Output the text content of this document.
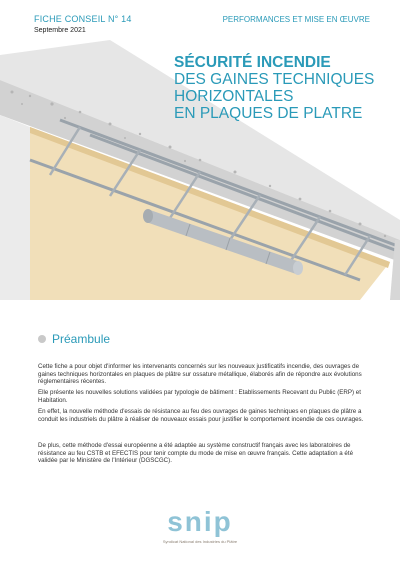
FICHE CONSEIL N° 14
Septembre 2021
PERFORMANCES ET MISE EN ŒUVRE
SÉCURITÉ INCENDIE
DES GAINES TECHNIQUES
HORIZONTALES
EN PLAQUES DE PLATRE
Préambule

Cette fiche a pour objet d'informer les intervenants concernés sur les nouveaux justificatifs incendie, des ouvrages de gaines techniques horizontales en plaques de plâtre sur ossature métallique, élaborés afin de répondre aux évolutions réglementaires récentes.

Elle présente les nouvelles solutions validées par typologie de bâtiment : Etablissements Recevant du Public (ERP) et Habitation.

En effet, la nouvelle méthode d'essais de résistance au feu des ouvrages de gaines techniques en plaques de plâtre a conduit les industriels du plâtre à réaliser de nouveaux essais pour justifier le comportement incendie de ces ouvrages.

De plus, cette méthode d'essai européenne a été adaptée au système constructif français avec les laboratoires de résistance au feu CSTB et EFECTIS pour tenir compte du mode de mise en œuvre français. Cette adaptation a été validée par le Ministère de l'Intérieur (DGSCGC).

snip
Syndicat National des Industries du Plâtre
